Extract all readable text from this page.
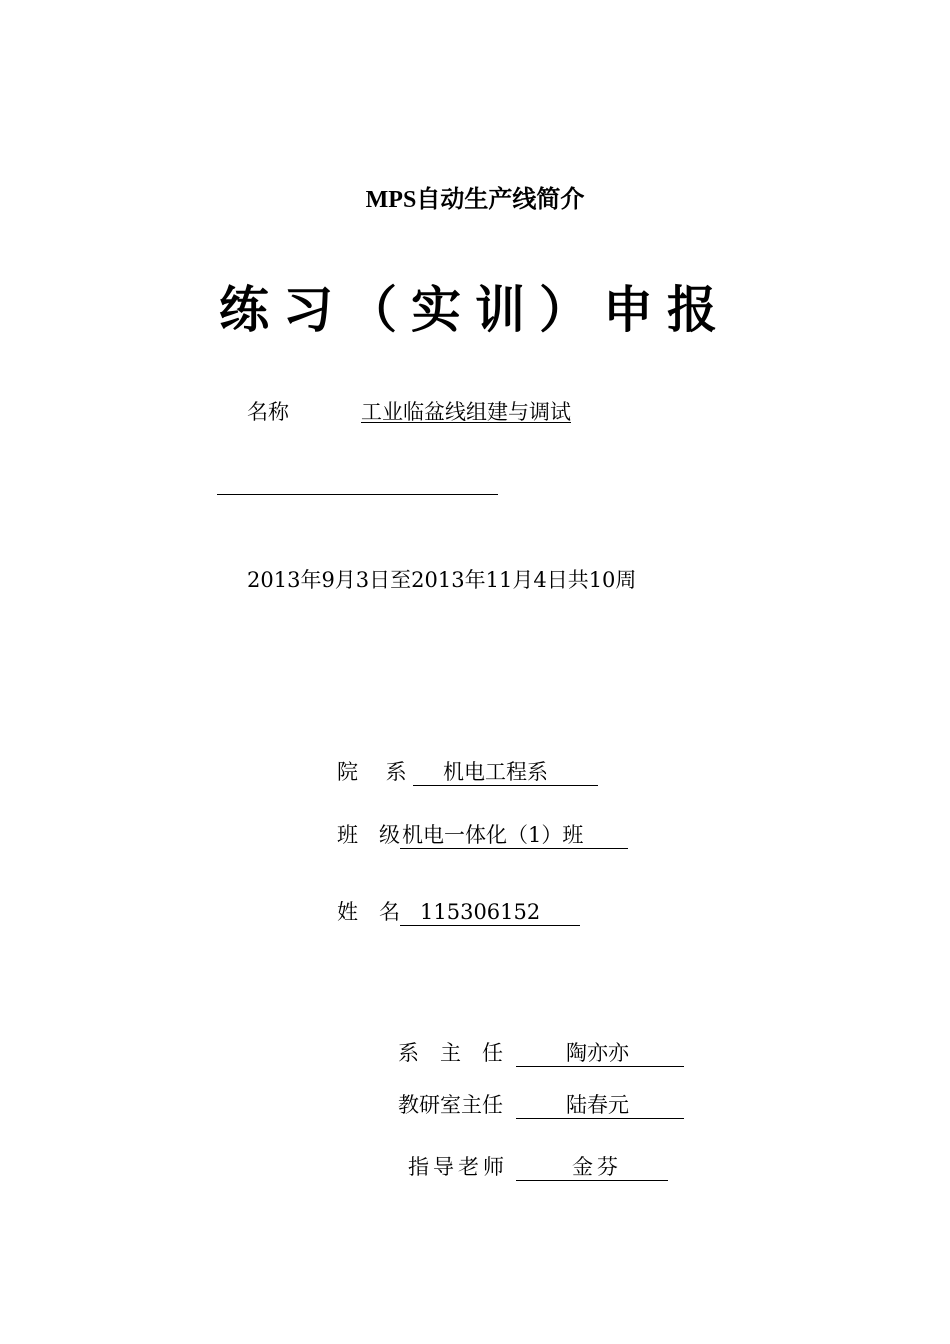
MPS自动生产线简介
练习（实训）申报
名称	工业临盆线组建与调试
2013年9月3日至2013年11月4日共10周
院　 系 机电工程系
班　级机电一体化（1）班
姓　名 115306152
系　主　任	陶亦亦
教研室主任	陆春元
指导老师	金芬
